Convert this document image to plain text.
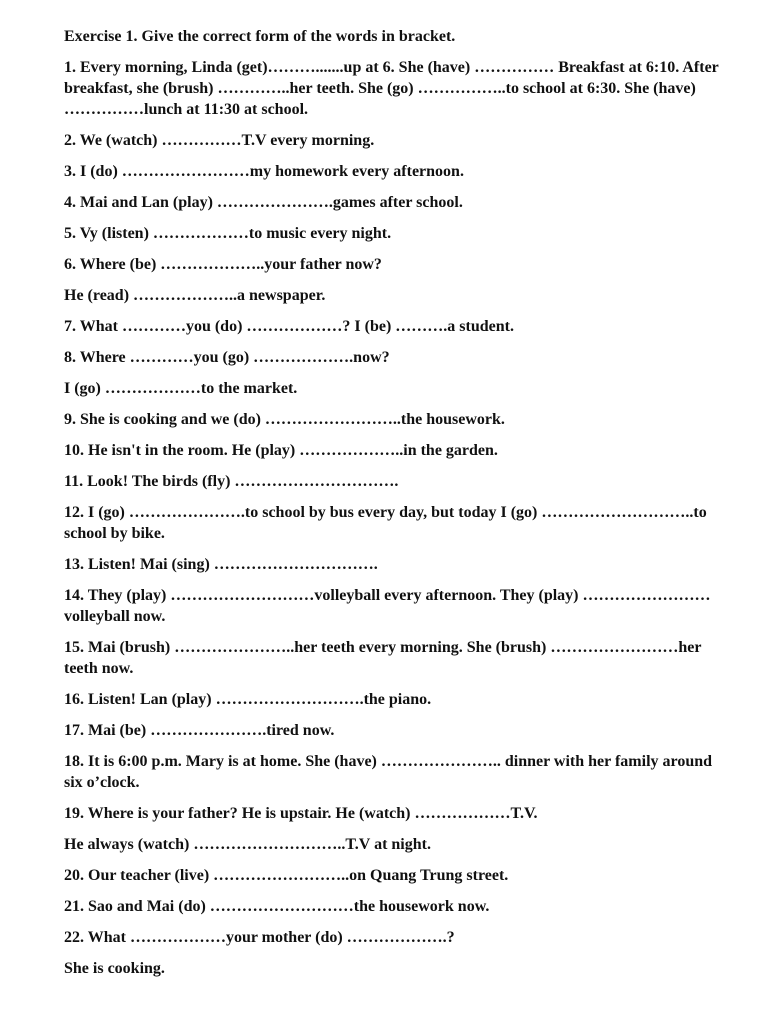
Exercise 1. Give the correct form of the words in bracket.

1. Every morning, Linda (get)……….......up at 6. She (have) …………… Breakfast at 6:10. After breakfast, she (brush) …………..her teeth. She (go) ……………..to school at 6:30. She (have) ……………lunch at 11:30 at school.

2. We (watch) ……………T.V every morning.

3. I (do) ……………………my homework every afternoon.

4. Mai and Lan (play) ………………….games after school.

5. Vy (listen) ………………to music every night.

6. Where (be) ………………..your father now?

He (read) ………………..a newspaper.

7. What …………you (do) ………………? I (be) ……….a student.

8. Where …………you (go) ……………….now?

I (go) ………………to the market.

9. She is cooking and we (do) ……………………..the housework.

10. He isn't in the room. He (play) ………………..in the garden.

11. Look! The birds (fly) ………………………….

12. I (go) ………………….to school by bus every day, but today I (go) ………………………..to school by bike.

13. Listen! Mai (sing) ………………………….

14. They (play) ………………………volleyball every afternoon. They (play) ……………………volleyball now.

15. Mai (brush) …………………..her teeth every morning. She (brush) ……………………her teeth now.

16. Listen! Lan (play) ……………………….the piano.

17. Mai (be) ………………….tired now.

18. It is 6:00 p.m. Mary is at home. She (have) ………………….. dinner with her family around six o’clock.

19. Where is your father? He is upstair. He (watch) ………………T.V.

He always (watch) ………………………..T.V at night.

20. Our teacher (live) ……………………..on Quang Trung street.

21. Sao and Mai (do) ………………………the housework now.

22. What ………………your mother (do) ……………….?

She is cooking.
